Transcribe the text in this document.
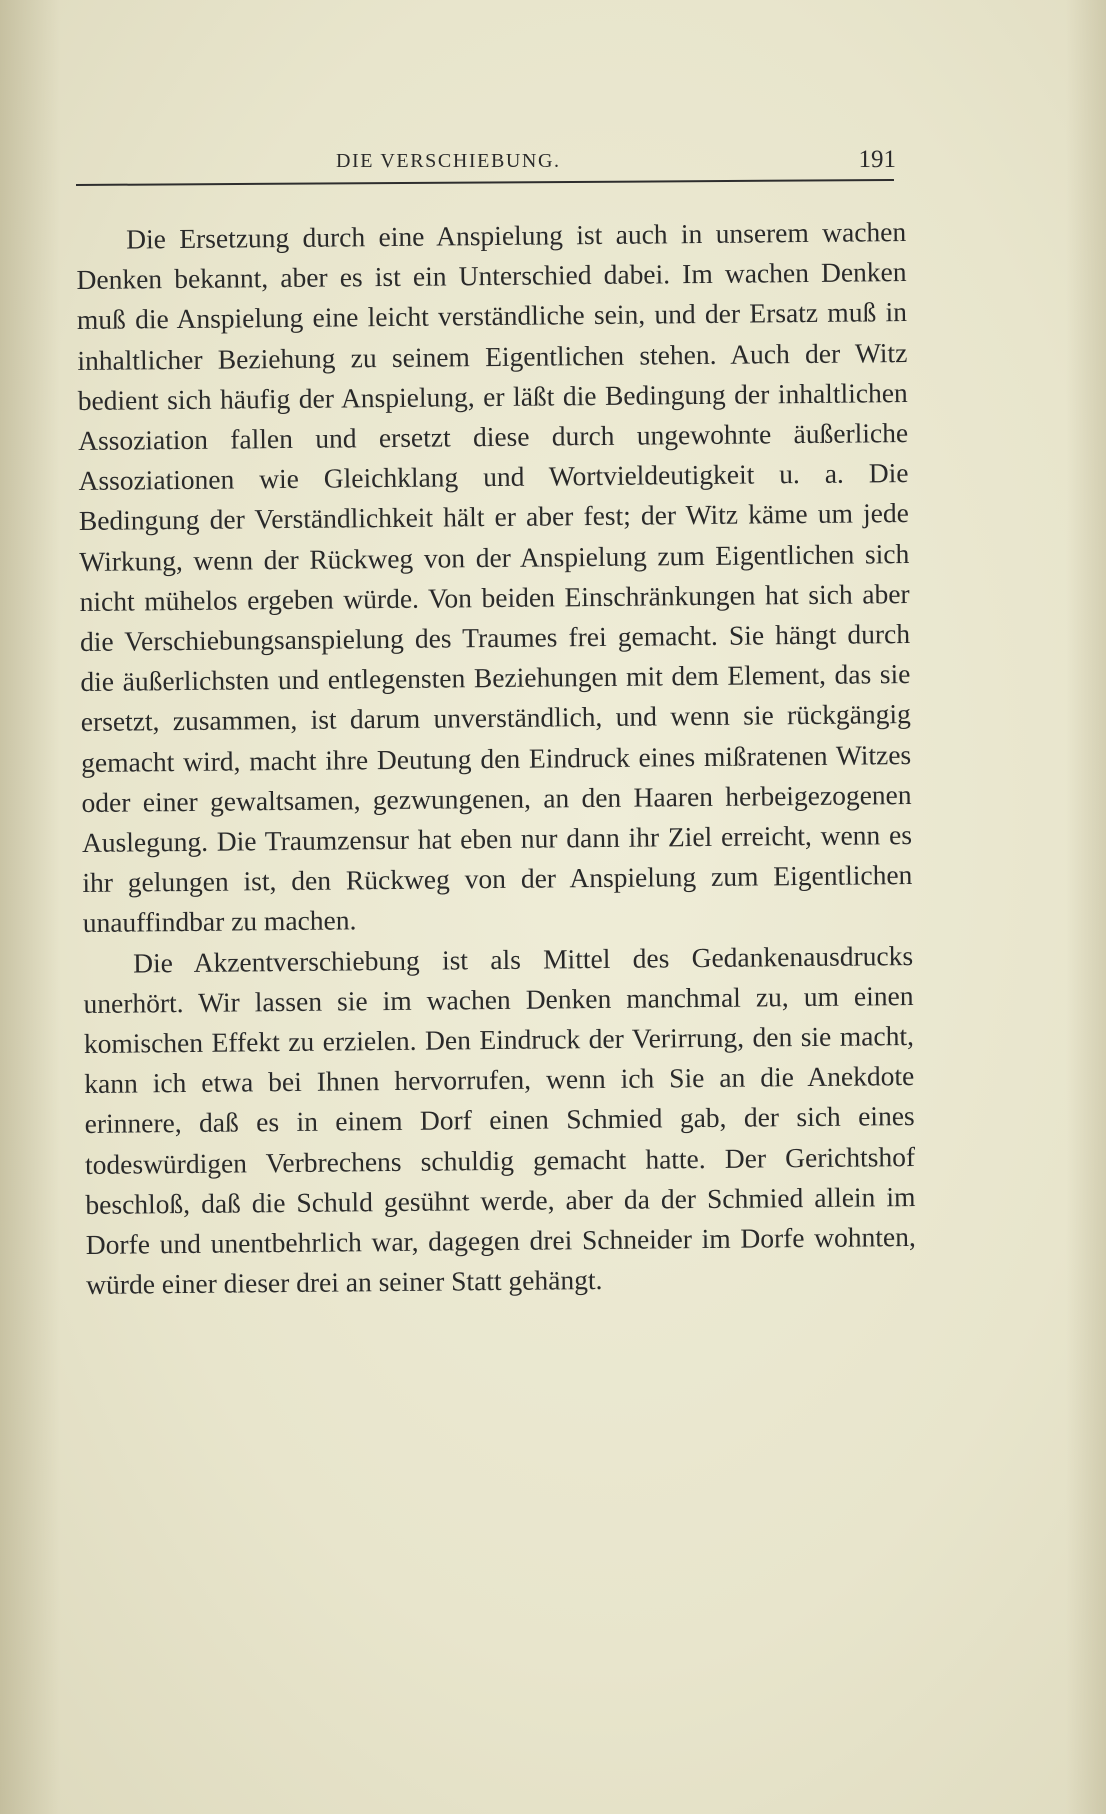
DIE VERSCHIEBUNG.	191

Die Ersetzung durch eine Anspielung ist auch in unserem wachen Denken bekannt, aber es ist ein Unterschied dabei. Im wachen Denken muß die Anspielung eine leicht verständliche sein, und der Ersatz muß in inhaltlicher Beziehung zu seinem Eigentlichen stehen. Auch der Witz bedient sich häufig der Anspielung, er läßt die Bedingung der inhaltlichen Assoziation fallen und ersetzt diese durch ungewohnte äußerliche Assoziationen wie Gleichklang und Wortvieldeutigkeit u. a. Die Bedingung der Verständlichkeit hält er aber fest; der Witz käme um jede Wirkung, wenn der Rückweg von der Anspielung zum Eigentlichen sich nicht mühelos ergeben würde. Von beiden Einschränkungen hat sich aber die Verschiebungsanspielung des Traumes frei gemacht. Sie hängt durch die äußerlichsten und entlegensten Beziehungen mit dem Element, das sie ersetzt, zusammen, ist darum unverständlich, und wenn sie rückgängig gemacht wird, macht ihre Deutung den Eindruck eines mißratenen Witzes oder einer gewaltsamen, gezwungenen, an den Haaren herbeigezogenen Auslegung. Die Traumzensur hat eben nur dann ihr Ziel erreicht, wenn es ihr gelungen ist, den Rückweg von der Anspielung zum Eigentlichen unauffindbar zu machen.

Die Akzentverschiebung ist als Mittel des Gedankenausdrucks unerhört. Wir lassen sie im wachen Denken manchmal zu, um einen komischen Effekt zu erzielen. Den Eindruck der Verirrung, den sie macht, kann ich etwa bei Ihnen hervorrufen, wenn ich Sie an die Anekdote erinnere, daß es in einem Dorf einen Schmied gab, der sich eines todeswürdigen Verbrechens schuldig gemacht hatte. Der Gerichtshof beschloß, daß die Schuld gesühnt werde, aber da der Schmied allein im Dorfe und unentbehrlich war, dagegen drei Schneider im Dorfe wohnten, würde einer dieser drei an seiner Statt gehängt.
